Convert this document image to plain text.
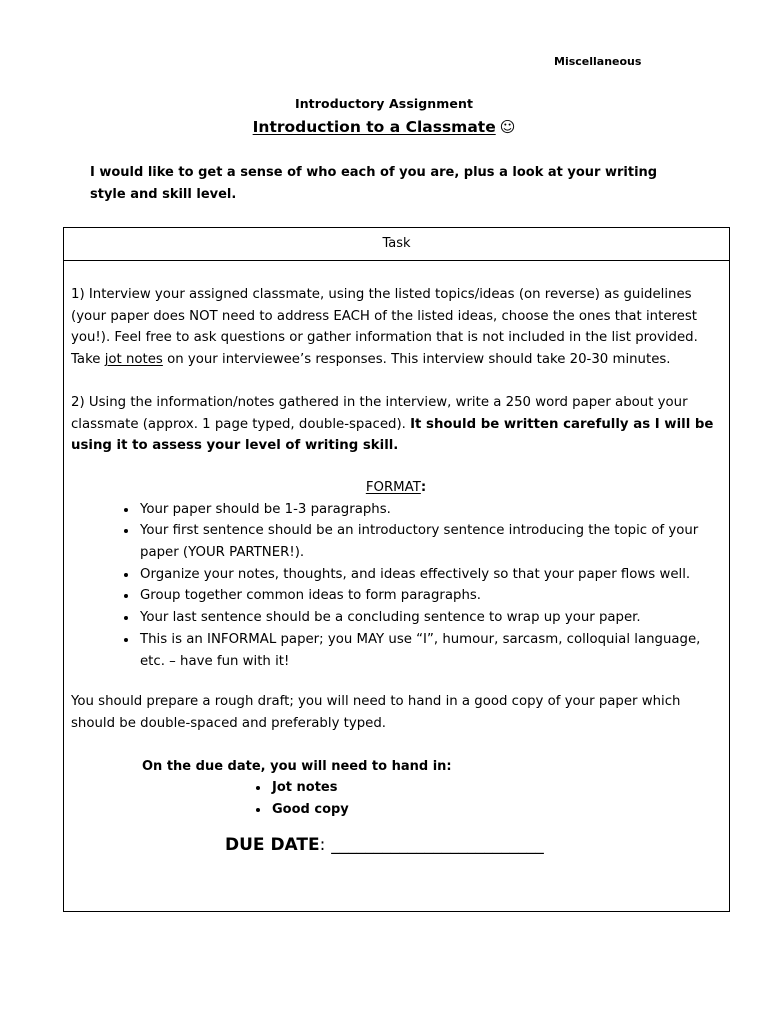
Miscellaneous
Introductory Assignment
Introduction to a Classmate ☺
I would like to get a sense of who each of you are, plus a look at your writing style and skill level.
Task

1) Interview your assigned classmate, using the listed topics/ideas (on reverse) as guidelines (your paper does NOT need to address EACH of the listed ideas, choose the ones that interest you!). Feel free to ask questions or gather information that is not included in the list provided. Take jot notes on your interviewee’s responses. This interview should take 20-30 minutes.

2) Using the information/notes gathered in the interview, write a 250 word paper about your classmate (approx. 1 page typed, double-spaced). It should be written carefully as I will be using it to assess your level of writing skill.

FORMAT:

• Your paper should be 1-3 paragraphs.
• Your first sentence should be an introductory sentence introducing the topic of your paper (YOUR PARTNER!).
• Organize your notes, thoughts, and ideas effectively so that your paper flows well.
• Group together common ideas to form paragraphs.
• Your last sentence should be a concluding sentence to wrap up your paper.
• This is an INFORMAL paper; you MAY use “I”, humour, sarcasm, colloquial language, etc. – have fun with it!

You should prepare a rough draft; you will need to hand in a good copy of your paper which should be double-spaced and preferably typed.

On the due date, you will need to hand in:

• Jot notes
• Good copy

DUE DATE: _________________________
